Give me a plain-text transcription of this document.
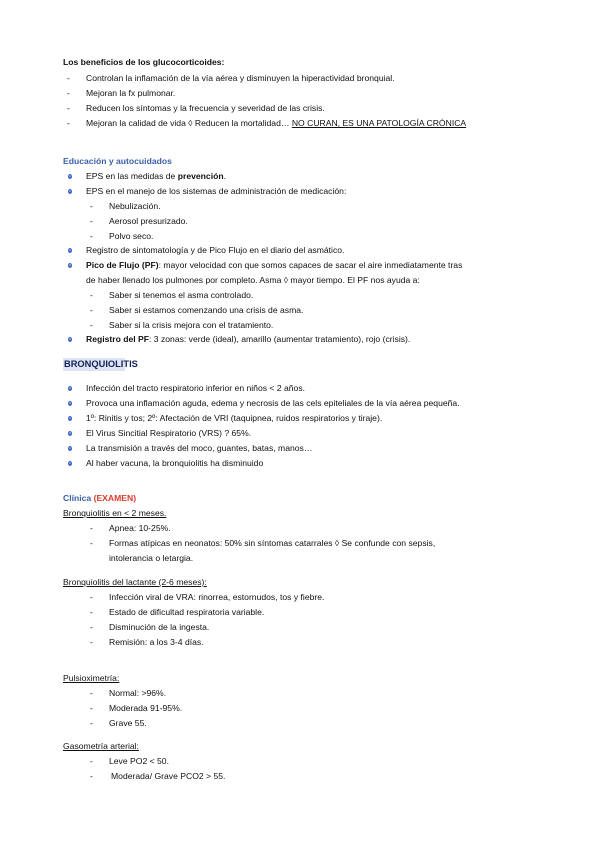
Los beneficios de los glucocorticoides:
- Controlan la inflamación de la vía aérea y disminuyen la hiperactividad bronquial.
- Mejoran la fx pulmonar.
- Reducen los síntomas y la frecuencia y severidad de las crisis.
- Mejoran la calidad de vida ◊ Reducen la mortalidad… NO CURAN, ES UNA PATOLOGÍA CRÓNICA
Educación y autocuidados
EPS en las medidas de prevención.
EPS en el manejo de los sistemas de administración de medicación:
- Nebulización.
- Aerosol presurizado.
- Polvo seco.
Registro de sintomatología y de Pico Flujo en el diario del asmático.
Pico de Flujo (PF): mayor velocidad con que somos capaces de sacar el aire inmediatamente tras
de haber llenado los pulmones por completo. Asma ◊ mayor tiempo. El PF nos ayuda a:
- Saber si tenemos el asma controlado.
- Saber si estamos comenzando una crisis de asma.
- Saber si la crisis mejora con el tratamiento.
Registro del PF: 3 zonas: verde (ideal), amarillo (aumentar tratamiento), rojo (crisis).
BRONQUIOLITIS
Infección del tracto respiratorio inferior en niños < 2 años.
Provoca una inflamación aguda, edema y necrosis de las cels epiteliales de la vía aérea pequeña.
1º: Rinitis y tos; 2º: Afectación de VRI (taquipnea, ruidos respiratorios y tiraje).
El Virus Sincitial Respiratorio (VRS) ? 65%.
La transmisión a través del moco, guantes, batas, manos…
Al haber vacuna, la bronquiolitis ha disminuido
Clínica (EXAMEN)
Bronquiolitis en < 2 meses.
- Apnea: 10-25%.
- Formas atípicas en neonatos: 50% sin síntomas catarrales ◊ Se confunde con sepsis,
intolerancia o letargia.
Bronquiolitis del lactante (2-6 meses):
- Infección viral de VRA: rinorrea, estornudos, tos y fiebre.
- Estado de dificultad respiratoria variable.
- Disminución de la ingesta.
- Remisión: a los 3-4 días.
Pulsioximetría:
- Normal: >96%.
- Moderada 91-95%.
- Grave 55.
Gasometría arterial:
- Leve PO2 < 50.
- Moderada/ Grave PCO2 > 55.
